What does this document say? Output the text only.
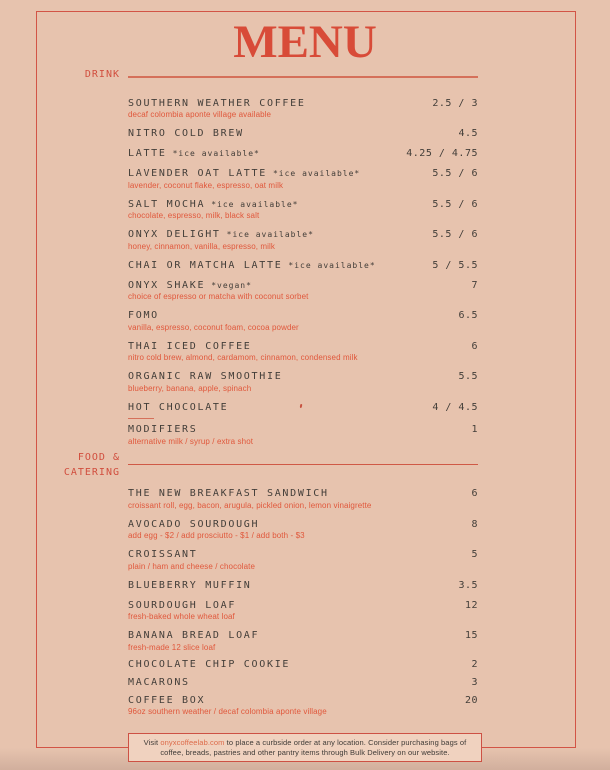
MENU
DRINK
FOOD &
CATERING
SOUTHERN WEATHER COFFEE	2.5 / 3
decaf colombia aponte village available
NITRO COLD BREW	4.5
LATTE *ice available*	4.25 / 4.75
LAVENDER OAT LATTE *ice available*	5.5 / 6
lavender, coconut flake, espresso, oat milk
SALT MOCHA *ice available*	5.5 / 6
chocolate, espresso, milk, black salt
ONYX DELIGHT *ice available*	5.5 / 6
honey, cinnamon, vanilla, espresso, milk
CHAI OR MATCHA LATTE *ice available*	5 / 5.5
ONYX SHAKE *vegan*	7
choice of espresso or matcha with coconut sorbet
FOMO	6.5
vanilla, espresso, coconut foam, cocoa powder
THAI ICED COFFEE	6
nitro cold brew, almond, cardamom, cinnamon, condensed milk
ORGANIC RAW SMOOTHIE	5.5
blueberry, banana, apple, spinach
HOT CHOCOLATE	4 / 4.5
MODIFIERS	1
alternative milk / syrup / extra shot
THE NEW BREAKFAST SANDWICH	6
croissant roll, egg, bacon, arugula, pickled onion, lemon vinaigrette
AVOCADO SOURDOUGH	8
add egg - $2 / add prosciutto - $1 / add both - $3
CROISSANT	5
plain / ham and cheese / chocolate
BLUEBERRY MUFFIN	3.5
SOURDOUGH LOAF	12
fresh-baked whole wheat loaf
BANANA BREAD LOAF	15
fresh-made 12 slice loaf
CHOCOLATE CHIP COOKIE	2
MACARONS	3
COFFEE BOX	20
96oz southern weather / decaf colombia aponte village
Visit onyxcoffeelab.com to place a curbside order at any location. Consider purchasing bags of
coffee, breads, pastries and other pantry items through Bulk Delivery on our website.
